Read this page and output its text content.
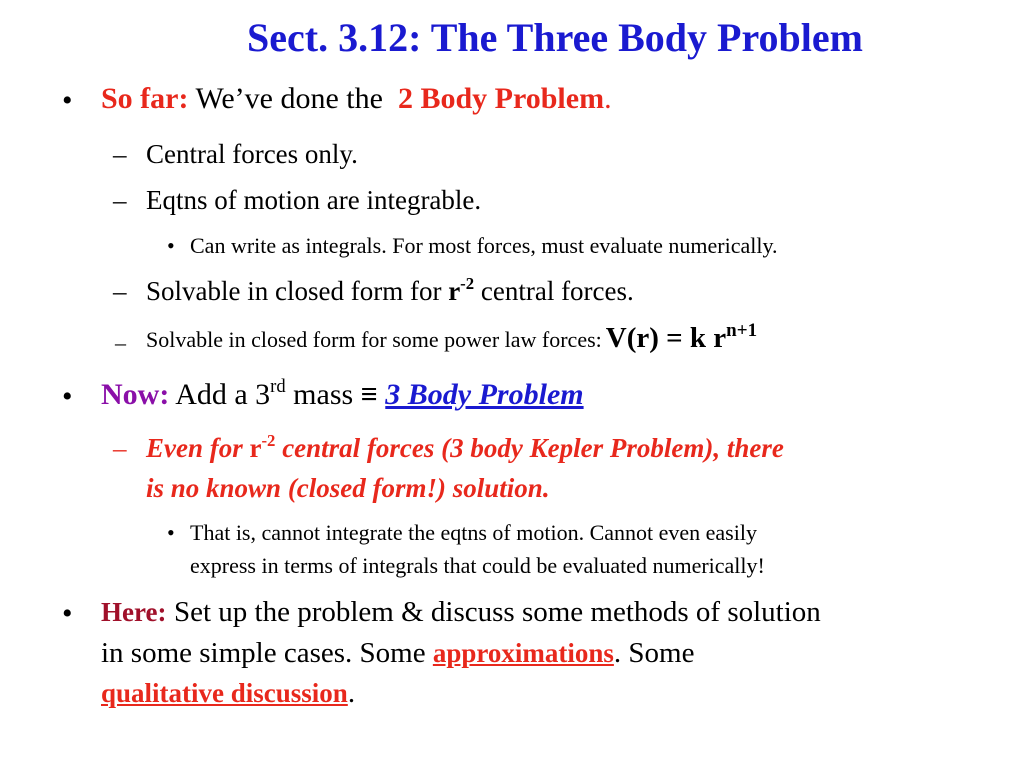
Sect. 3.12: The Three Body Problem
• So far: We’ve done the 2 Body Problem.
– Central forces only.
– Eqtns of motion are integrable.
• Can write as integrals. For most forces, must evaluate numerically.
– Solvable in closed form for $r^{-2}$ central forces.
– Solvable in closed form for some power law forces: V(r) = k $r^{n+1}$
• Now: Add a 3rd mass ≡ 3 Body Problem
– Even for $r^{-2}$ central forces (3 body Kepler Problem), there
is no known (closed form!) solution.
• That is, cannot integrate the eqtns of motion. Cannot even easily
express in terms of integrals that could be evaluated numerically!
• Here: Set up the problem & discuss some methods of solution
in some simple cases. Some approximations. Some
qualitative discussion.
